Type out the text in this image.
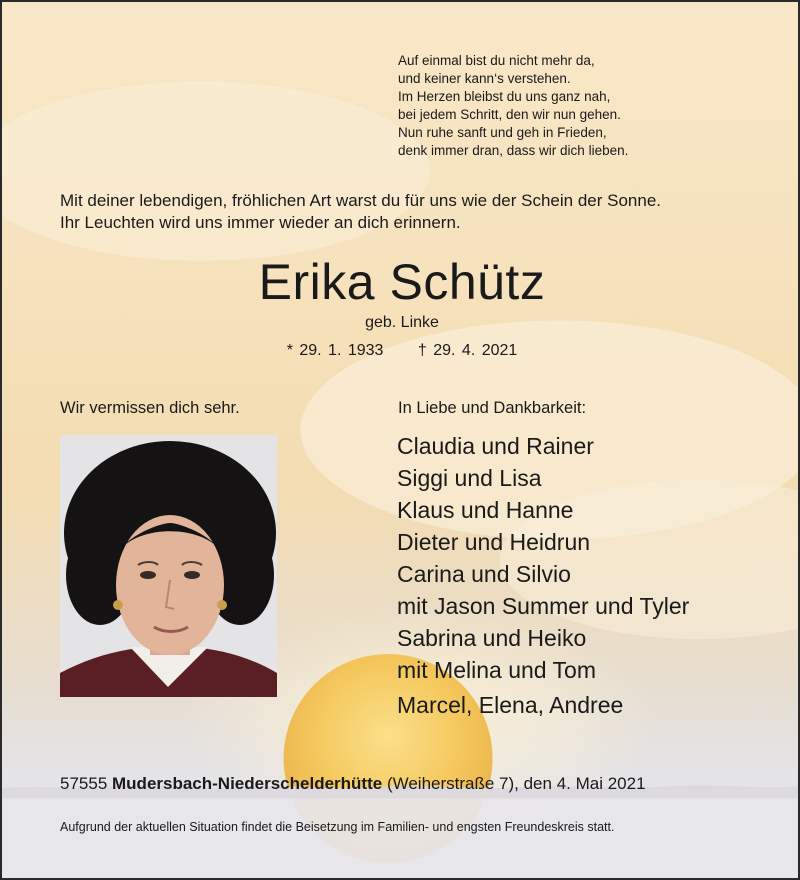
Auf einmal bist du nicht mehr da,
und keiner kann‘s verstehen.
Im Herzen bleibst du uns ganz nah,
bei jedem Schritt, den wir nun gehen.
Nun ruhe sanft und geh in Frieden,
denk immer dran, dass wir dich lieben.
Mit deiner lebendigen, fröhlichen Art warst du für uns wie der Schein der Sonne.
Ihr Leuchten wird uns immer wieder an dich erinnern.
Erika Schütz
geb. Linke
* 29. 1. 1933 † 29. 4. 2021
Wir vermissen dich sehr.	In Liebe und Dankbarkeit:
Claudia und Rainer
Siggi und Lisa
Klaus und Hanne
Dieter und Heidrun
Carina und Silvio
mit Jason Summer und Tyler
Sabrina und Heiko
mit Melina und Tom
Marcel, Elena, Andree
57555 Mudersbach-Niederschelderhütte (Weiherstraße 7), den 4. Mai 2021
Aufgrund der aktuellen Situation findet die Beisetzung im Familien- und engsten Freundeskreis statt.
